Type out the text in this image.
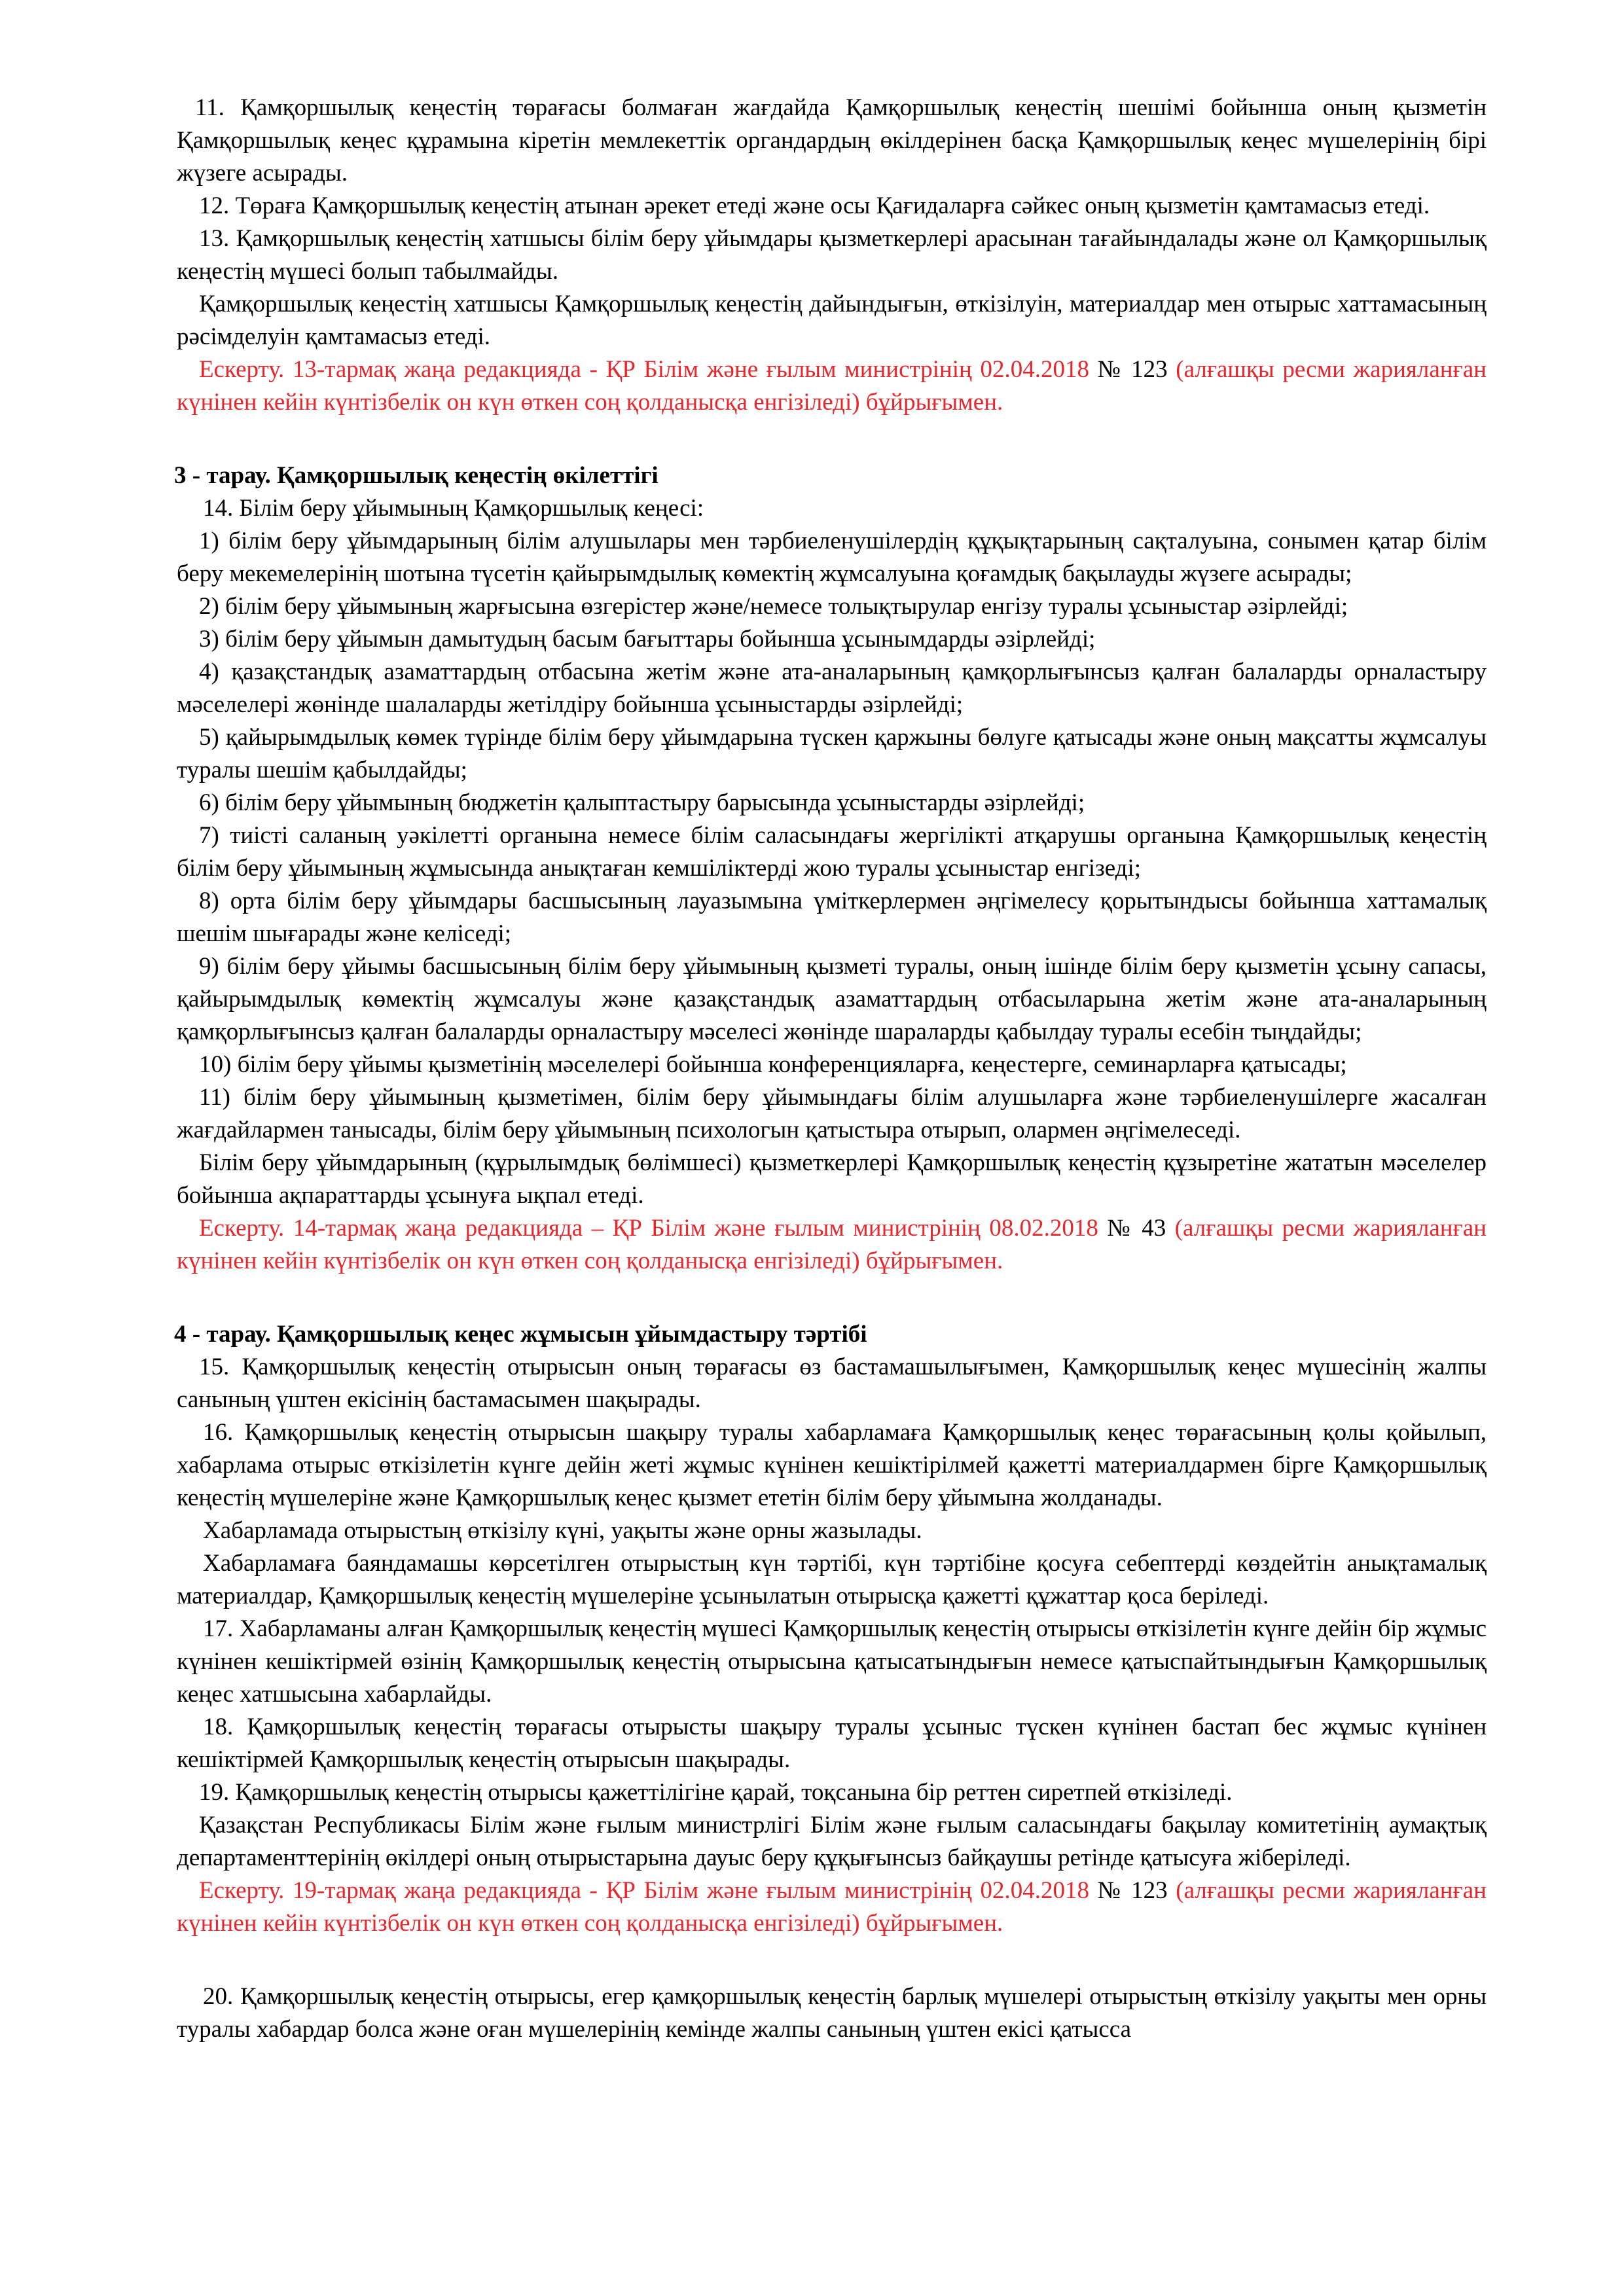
11. Қамқоршылық кеңестің төрағасы болмаған жағдайда Қамқоршылық кеңестің шешімі бойынша оның қызметін Қамқоршылық кеңес құрамына кіретін мемлекеттік органдардың өкілдерінен басқа Қамқоршылық кеңес мүшелерінің бірі жүзеге асырады.

12. Төраға Қамқоршылық кеңестің атынан әрекет етеді және осы Қағидаларға сәйкес оның қызметін қамтамасыз етеді.

13. Қамқоршылық кеңестің хатшысы білім беру ұйымдары қызметкерлері арасынан тағайындалады және ол Қамқоршылық кеңестің мүшесі болып табылмайды.

Қамқоршылық кеңестің хатшысы Қамқоршылық кеңестің дайындығын, өткізілуін, материалдар мен отырыс хаттамасының рәсімделуін қамтамасыз етеді.

Ескерту. 13-тармақ жаңа редакцияда - ҚР Білім және ғылым министрінің 02.04.2018 № 123 (алғашқы ресми жарияланған күнінен кейін күнтізбелік он күн өткен соң қолданысқа енгізіледі) бұйрығымен.

3 - тарау. Қамқоршылық кеңестің өкілеттігі

14. Білім беру ұйымының Қамқоршылық кеңесі:

1) білім беру ұйымдарының білім алушылары мен тәрбиеленушілердің құқықтарының сақталуына, сонымен қатар білім беру мекемелерінің шотына түсетін қайырымдылық көмектің жұмсалуына қоғамдық бақылауды жүзеге асырады;

2) білім беру ұйымының жарғысына өзгерістер және/немесе толықтырулар енгізу туралы ұсыныстар әзірлейді;

3) білім беру ұйымын дамытудың басым бағыттары бойынша ұсынымдарды әзірлейді;

4) қазақстандық азаматтардың отбасына жетім және ата-аналарының қамқорлығынсыз қалған балаларды орналастыру мәселелері жөнінде шалаларды жетілдіру бойынша ұсыныстарды әзірлейді;

5) қайырымдылық көмек түрінде білім беру ұйымдарына түскен қаржыны бөлуге қатысады және оның мақсатты жұмсалуы туралы шешім қабылдайды;

6) білім беру ұйымының бюджетін қалыптастыру барысында ұсыныстарды әзірлейді;

7) тиісті саланың уәкілетті органына немесе білім саласындағы жергілікті атқарушы органына Қамқоршылық кеңестің білім беру ұйымының жұмысында анықтаған кемшіліктерді жою туралы ұсыныстар енгізеді;

8) орта білім беру ұйымдары басшысының лауазымына үміткерлермен әңгімелесу қорытындысы бойынша хаттамалық шешім шығарады және келіседі;

9) білім беру ұйымы басшысының білім беру ұйымының қызметі туралы, оның ішінде білім беру қызметін ұсыну сапасы, қайырымдылық көмектің жұмсалуы және қазақстандық азаматтардың отбасыларына жетім және ата-аналарының қамқорлығынсыз қалған балаларды орналастыру мәселесі жөнінде шараларды қабылдау туралы есебін тыңдайды;

10) білім беру ұйымы қызметінің мәселелері бойынша конференцияларға, кеңестерге, семинарларға қатысады;

11) білім беру ұйымының қызметімен, білім беру ұйымындағы білім алушыларға және тәрбиеленушілерге жасалған жағдайлармен танысады, білім беру ұйымының психологын қатыстыра отырып, олармен әңгімелеседі.

Білім беру ұйымдарының (құрылымдық бөлімшесі) қызметкерлері Қамқоршылық кеңестің құзыретіне жататын мәселелер бойынша ақпараттарды ұсынуға ықпал етеді.

Ескерту. 14-тармақ жаңа редакцияда – ҚР Білім және ғылым министрінің 08.02.2018 № 43 (алғашқы ресми жарияланған күнінен кейін күнтізбелік он күн өткен соң қолданысқа енгізіледі) бұйрығымен.

4 - тарау. Қамқоршылық кеңес жұмысын ұйымдастыру тәртібі

15. Қамқоршылық кеңестің отырысын оның төрағасы өз бастамашылығымен, Қамқоршылық кеңес мүшесінің жалпы санының үштен екісінің бастамасымен шақырады.

16. Қамқоршылық кеңестің отырысын шақыру туралы хабарламаға Қамқоршылық кеңес төрағасының қолы қойылып, хабарлама отырыс өткізілетін күнге дейін жеті жұмыс күнінен кешіктірілмей қажетті материалдармен бірге Қамқоршылық кеңестің мүшелеріне және Қамқоршылық кеңес қызмет ететін білім беру ұйымына жолданады.

Хабарламада отырыстың өткізілу күні, уақыты және орны жазылады.

Хабарламаға баяндамашы көрсетілген отырыстың күн тәртібі, күн тәртібіне қосуға себептерді көздейтін анықтамалық материалдар, Қамқоршылық кеңестің мүшелеріне ұсынылатын отырысқа қажетті құжаттар қоса беріледі.

17. Хабарламаны алған Қамқоршылық кеңестің мүшесі Қамқоршылық кеңестің отырысы өткізілетін күнге дейін бір жұмыс күнінен кешіктірмей өзінің Қамқоршылық кеңестің отырысына қатысатындығын немесе қатыспайтындығын Қамқоршылық кеңес хатшысына хабарлайды.

18. Қамқоршылық кеңестің төрағасы отырысты шақыру туралы ұсыныс түскен күнінен бастап бес жұмыс күнінен кешіктірмей Қамқоршылық кеңестің отырысын шақырады.

19. Қамқоршылық кеңестің отырысы қажеттілігіне қарай, тоқсанына бір реттен сиретпей өткізіледі.

Қазақстан Республикасы Білім және ғылым министрлігі Білім және ғылым саласындағы бақылау комитетінің аумақтық департаменттерінің өкілдері оның отырыстарына дауыс беру құқығынсыз байқаушы ретінде қатысуға жіберіледі.

Ескерту. 19-тармақ жаңа редакцияда - ҚР Білім және ғылым министрінің 02.04.2018 № 123 (алғашқы ресми жарияланған күнінен кейін күнтізбелік он күн өткен соң қолданысқа енгізіледі) бұйрығымен.

20. Қамқоршылық кеңестің отырысы, егер қамқоршылық кеңестің барлық мүшелері отырыстың өткізілу уақыты мен орны туралы хабардар болса және оған мүшелерінің кемінде жалпы санының үштен екісі қатысса
